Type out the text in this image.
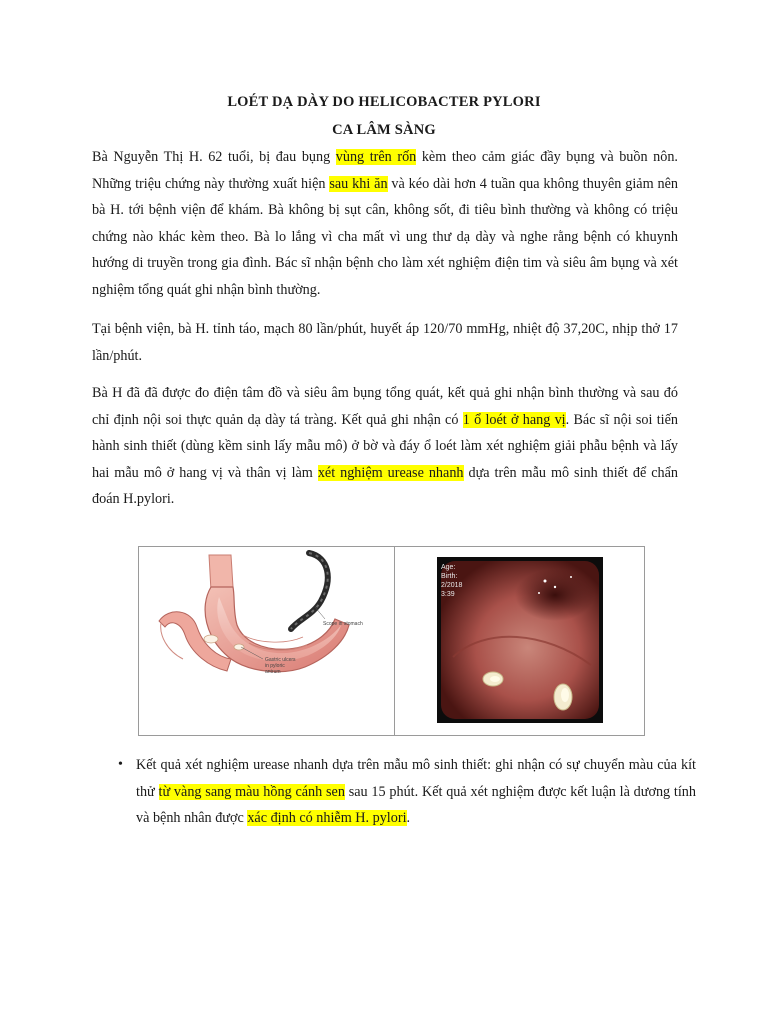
LOÉT DẠ DÀY DO HELICOBACTER PYLORI
CA LÂM SÀNG
Bà Nguyễn Thị H. 62 tuổi, bị đau bụng vùng trên rốn kèm theo cảm giác đầy bụng và buồn nôn. Những triệu chứng này thường xuất hiện sau khi ăn và kéo dài hơn 4 tuần qua không thuyên giảm nên bà H. tới bệnh viện để khám. Bà không bị sụt cân, không sốt, đi tiêu bình thường và không có triệu chứng nào khác kèm theo. Bà lo lắng vì cha mất vì ung thư dạ dày và nghe rằng bệnh có khuynh hướng di truyền trong gia đình. Bác sĩ nhận bệnh cho làm xét nghiệm điện tim và siêu âm bụng và xét nghiệm tổng quát ghi nhận bình thường.
Tại bệnh viện, bà H. tỉnh táo, mạch 80 lần/phút, huyết áp 120/70 mmHg, nhiệt độ 37,20C, nhịp thở 17 lần/phút.
Bà H đã đã được đo điện tâm đồ và siêu âm bụng tổng quát, kết quả ghi nhận bình thường và sau đó chỉ định nội soi thực quản dạ dày tá tràng. Kết quả ghi nhận có 1 ổ loét ở hang vị. Bác sĩ nội soi tiến hành sinh thiết (dùng kềm sinh lấy mẫu mô) ở bờ và đáy ổ loét làm xét nghiệm giải phẫu bệnh và lấy hai mẫu mô ở hang vị và thân vị làm xét nghiệm urease nhanh dựa trên mẫu mô sinh thiết để chẩn đoán H.pylori.
Scope in stomach
Gastric ulcers
in pyloric
antrum
Age:
Birth:
2/2018
3:39
• Kết quả xét nghiệm urease nhanh dựa trên mẫu mô sinh thiết: ghi nhận có sự chuyển màu của kít thử từ vàng sang màu hồng cánh sen sau 15 phút. Kết quả xét nghiệm được kết luận là dương tính và bệnh nhân được xác định có nhiễm H. pylori.
